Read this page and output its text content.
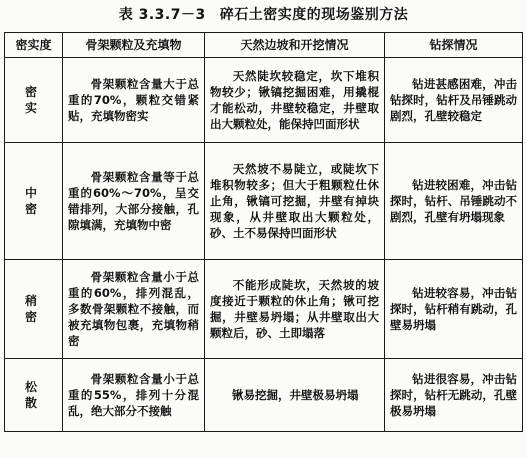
表 3.3.7－3 碎石土密实度的现场鉴别方法
密实度	骨架颗粒及充填物	天然边坡和开挖情况	钻探情况
密实	骨架颗粒含量大于总重的70%，颗粒交错紧贴，充填物密实	天然陡坎较稳定，坎下堆积物较少；锹镐挖掘困难，用撬棍才能松动，井壁较稳定，井壁取出大颗粒处，能保持凹面形状	钻进甚感困难，冲击钻探时，钻杆及吊锤跳动剧烈，孔壁较稳定
中密	骨架颗粒含量等于总重的60%～70%，呈交错排列，大部分接触，孔隙填满，充填物中密	天然坡不易陡立，或陡坎下堆积物较多；但大于粗颗粒仕休止角，锹镐可挖掘，井壁有掉块现象，从井壁取出大颗粒处，砂、土不易保持凹面形状	钻进较困难，冲击钻探时，钻杆、吊锤跳动不剧烈，孔壁有坍塌现象
稍密	骨架颗粒含量小于总重的60%，排列混乱，多数骨架颗粒不接触，而被充填物包裹，充填物稍密	不能形成陡坎，天然坡的坡度接近于颗粒的休止角；锹可挖掘，井壁易坍塌；从井壁取出大颗粒后，砂、土即塌落	钻进较容易，冲击钻探时，钻杆稍有跳动，孔壁易坍塌
松散	骨架颗粒含量小于总重的55%，排列十分混乱，绝大部分不接触	锹易挖掘，井壁极易坍塌	钻进很容易，冲击钻探时，钻杆无跳动，孔壁极易坍塌
